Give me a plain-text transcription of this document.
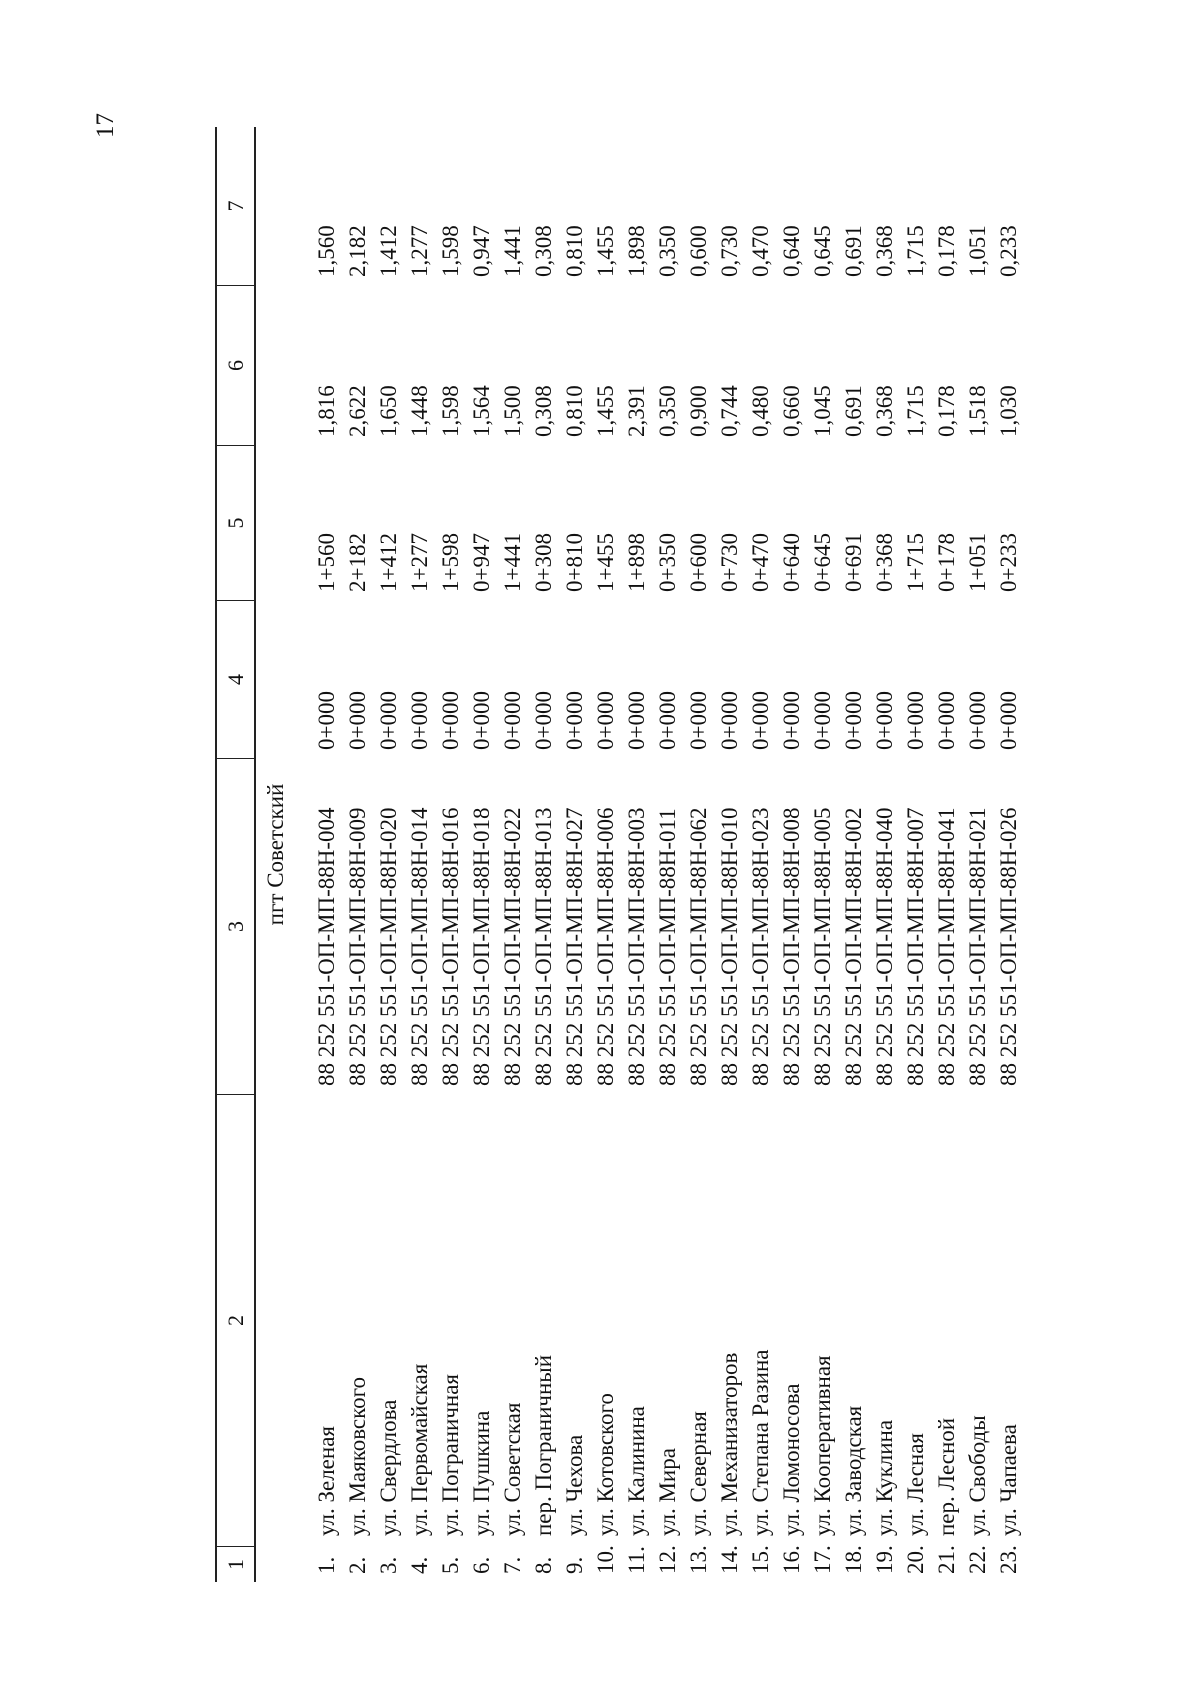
17
1
2
3
4
5
6
7
пгт Советский
1.
ул. Зеленая
88 252 551-ОП-МП-88Н-004
0+000
1+560
1,816
1,560
2.
ул. Маяковского
88 252 551-ОП-МП-88Н-009
0+000
2+182
2,622
2,182
3.
ул. Свердлова
88 252 551-ОП-МП-88Н-020
0+000
1+412
1,650
1,412
4.
ул. Первомайская
88 252 551-ОП-МП-88Н-014
0+000
1+277
1,448
1,277
5.
ул. Пограничная
88 252 551-ОП-МП-88Н-016
0+000
1+598
1,598
1,598
6.
ул. Пушкина
88 252 551-ОП-МП-88Н-018
0+000
0+947
1,564
0,947
7.
ул. Советская
88 252 551-ОП-МП-88Н-022
0+000
1+441
1,500
1,441
8.
пер. Пограничный
88 252 551-ОП-МП-88Н-013
0+000
0+308
0,308
0,308
9.
ул. Чехова
88 252 551-ОП-МП-88Н-027
0+000
0+810
0,810
0,810
10.
ул. Котовского
88 252 551-ОП-МП-88Н-006
0+000
1+455
1,455
1,455
11.
ул. Калинина
88 252 551-ОП-МП-88Н-003
0+000
1+898
2,391
1,898
12.
ул. Мира
88 252 551-ОП-МП-88Н-011
0+000
0+350
0,350
0,350
13.
ул. Северная
88 252 551-ОП-МП-88Н-062
0+000
0+600
0,900
0,600
14.
ул. Механизаторов
88 252 551-ОП-МП-88Н-010
0+000
0+730
0,744
0,730
15.
ул. Степана Разина
88 252 551-ОП-МП-88Н-023
0+000
0+470
0,480
0,470
16.
ул. Ломоносова
88 252 551-ОП-МП-88Н-008
0+000
0+640
0,660
0,640
17.
ул. Кооперативная
88 252 551-ОП-МП-88Н-005
0+000
0+645
1,045
0,645
18.
ул. Заводская
88 252 551-ОП-МП-88Н-002
0+000
0+691
0,691
0,691
19.
ул. Куклина
88 252 551-ОП-МП-88Н-040
0+000
0+368
0,368
0,368
20.
ул. Лесная
88 252 551-ОП-МП-88Н-007
0+000
1+715
1,715
1,715
21.
пер. Лесной
88 252 551-ОП-МП-88Н-041
0+000
0+178
0,178
0,178
22.
ул. Свободы
88 252 551-ОП-МП-88Н-021
0+000
1+051
1,518
1,051
23.
ул. Чапаева
88 252 551-ОП-МП-88Н-026
0+000
0+233
1,030
0,233
